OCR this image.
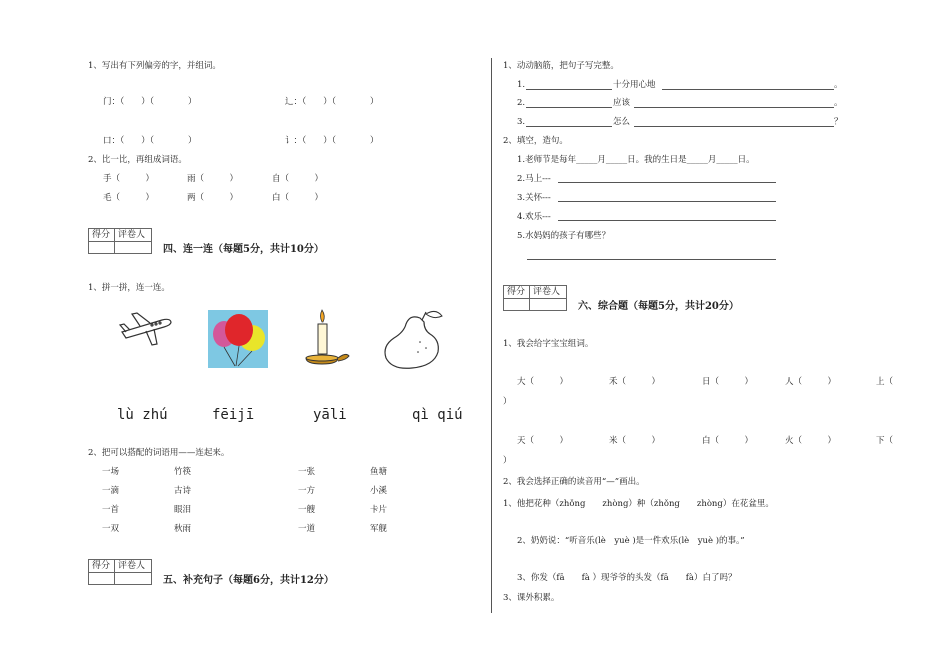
1、写出有下列偏旁的字，并组词。
门：（　　）（　　　　）	辶：（　　）（　　　　）
口：（　　）（　　　　）	讠：（　　）（　　　　）
2、比一比，再组成词语。
手（　　　）	雨（　　　）	自（　　　）
毛（　　　）	两（　　　）	白（　　　）
得分 评卷人
四、连一连（每题5分，共计10分）
1、拼一拼，连一连。
lù zhú	fēijī	yāli	qì qiú
2、把可以搭配的词语用——连起来。
一场	竹筷	一张	鱼塘
一滴	古诗	一方	小溪
一首	眼泪	一艘	卡片
一双	秋雨	一道	军舰
得分 评卷人
五、补充句子（每题6分，共计12分）
1、动动脑筋，把句子写完整。
1.	十分用心地	。
2.	应该	。
3.	怎么	？
2、填空，造句。
1.老师节是每年_____月_____日。我的生日是_____月_____日。
2.马上---
3.关怀---
4.欢乐---
5.水妈妈的孩子有哪些？
得分 评卷人
六、综合题（每题5分，共计20分）
1、我会给字宝宝组词。
大（　　　）	禾（　　　）	日（　　　）	人（　　　）	上（
）
天（　　　）	米（　　　）	白（　　　）	火（　　　）	下（
）
2、我会选择正确的读音用“—”画出。
1、他把花种（zhǒng　　zhòng）种（zhǒng　　zhòng）在花盆里。
2、奶奶说：“听音乐(lè　yuè )是一件欢乐(lè　yuè )的事。”
3、你发（fā　　fà ）现爷爷的头发（fā　　fà）白了吗？
3、课外积累。
